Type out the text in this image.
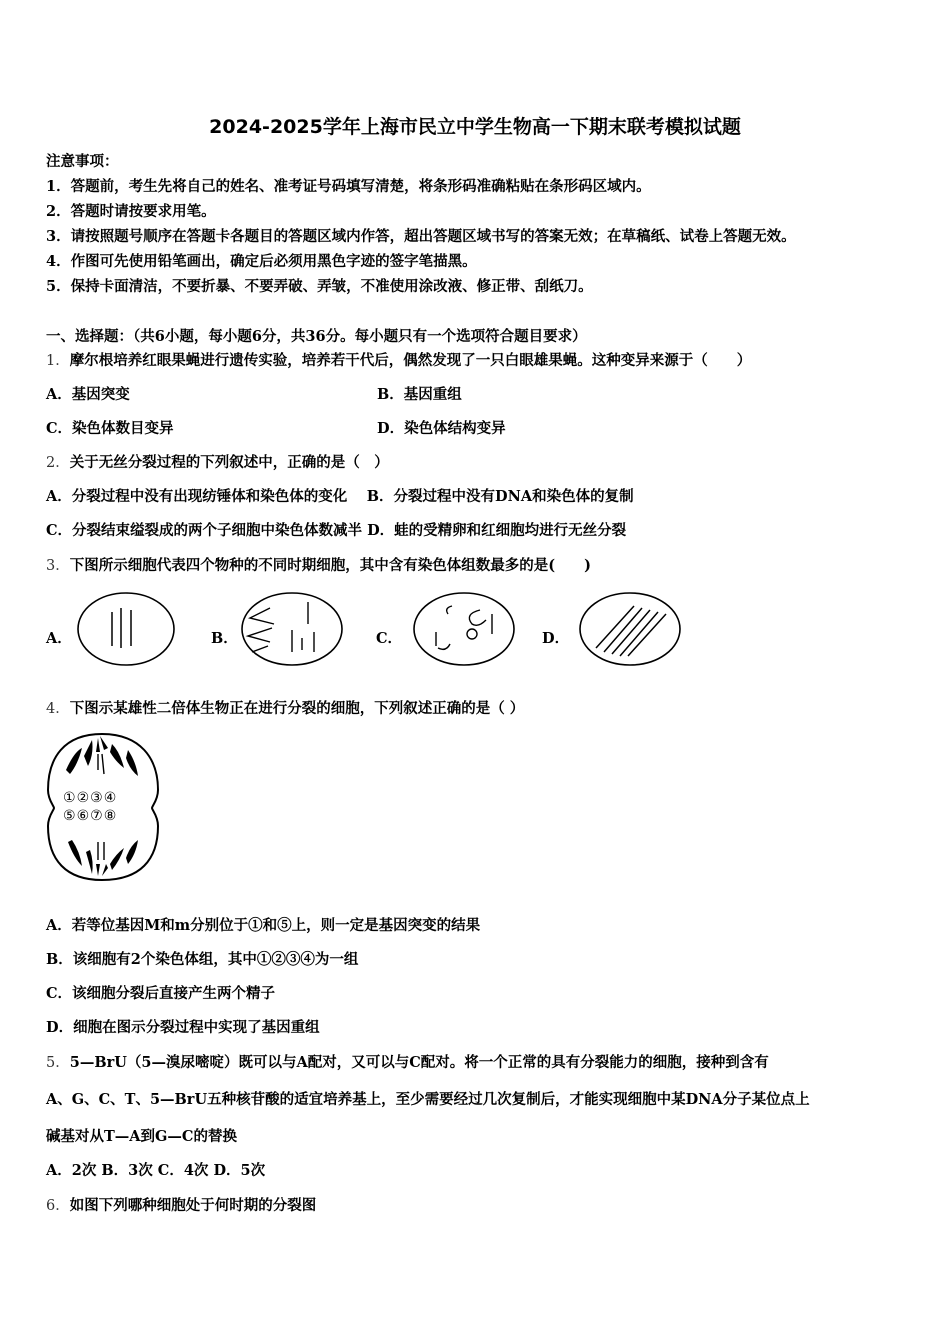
2024-2025学年上海市民立中学生物高一下期末联考模拟试题
注意事项：
1．答题前，考生先将自己的姓名、准考证号码填写清楚，将条形码准确粘贴在条形码区域内。
2．答题时请按要求用笔。
3．请按照题号顺序在答题卡各题目的答题区域内作答，超出答题区域书写的答案无效；在草稿纸、试卷上答题无效。
4．作图可先使用铅笔画出，确定后必须用黑色字迹的签字笔描黑。
5．保持卡面清洁，不要折暴、不要弄破、弄皱，不准使用涂改液、修正带、刮纸刀。
一、选择题：（共6小题，每小题6分，共36分。每小题只有一个选项符合题目要求）
1．摩尔根培养红眼果蝇进行遗传实验，培养若干代后，偶然发现了一只白眼雄果蝇。这种变异来源于（　　）
A．基因突变	B．基因重组
C．染色体数目变异	D．染色体结构变异
2．关于无丝分裂过程的下列叙述中，正确的是（　）
A．分裂过程中没有出现纺锤体和染色体的变化　 B．分裂过程中没有DNA和染色体的复制
C．分裂结束缢裂成的两个子细胞中染色体数减半 D．蛙的受精卵和红细胞均进行无丝分裂
3．下图所示细胞代表四个物种的不同时期细胞，其中含有染色体组数最多的是(　　)
A．	B．	C．	D．
4．下图示某雄性二倍体生物正在进行分裂的细胞，下列叙述正确的是（ ）
①②③④
⑤⑥⑦⑧
A．若等位基因M和m分别位于①和⑤上，则一定是基因突变的结果
B．该细胞有2个染色体组，其中①②③④为一组
C．该细胞分裂后直接产生两个精子
D．细胞在图示分裂过程中实现了基因重组
5．5—BrU（5—溴尿嘧啶）既可以与A配对，又可以与C配对。将一个正常的具有分裂能力的细胞，接种到含有
A、G、C、T、5—BrU五种核苷酸的适宜培养基上，至少需要经过几次复制后，才能实现细胞中某DNA分子某位点上
碱基对从T—A到G—C的替换
A．2次 B．3次 C．4次 D．5次
6．如图下列哪种细胞处于何时期的分裂图
